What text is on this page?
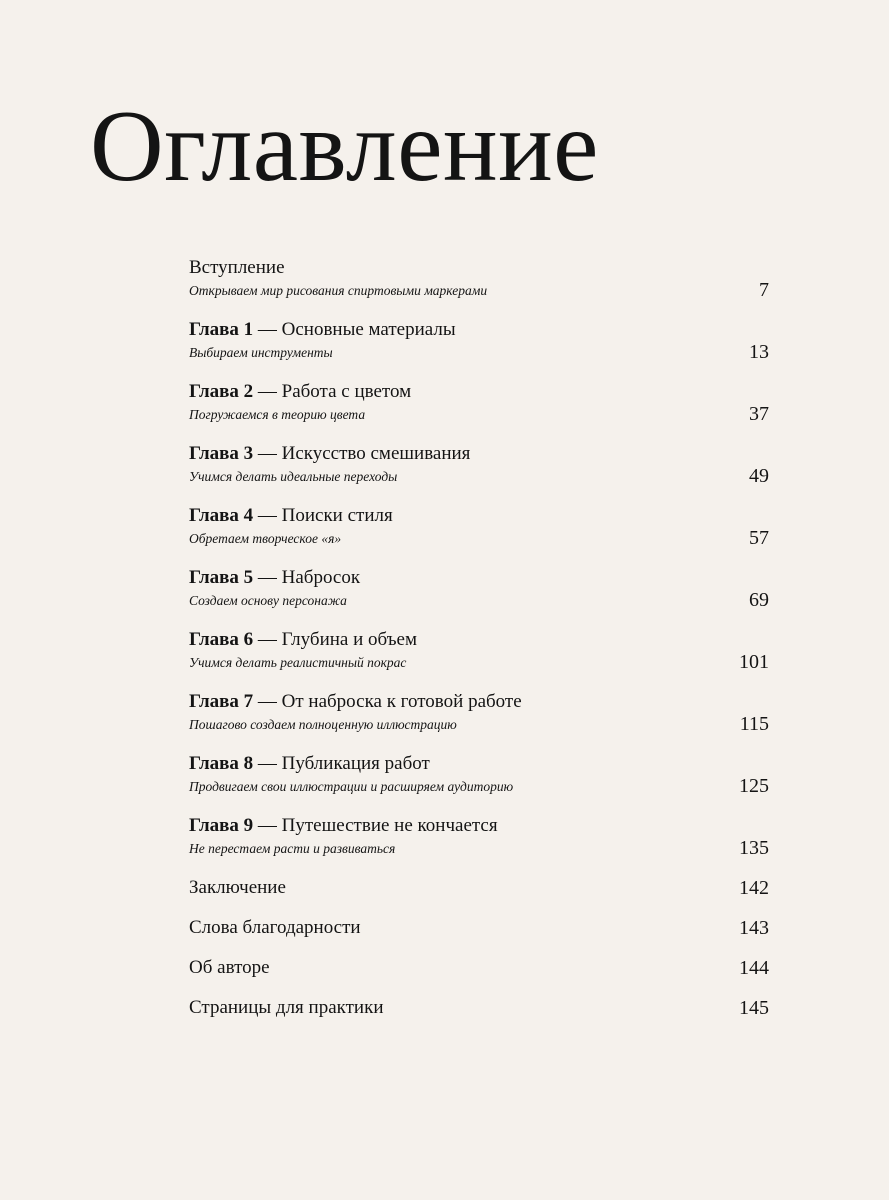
Оглавление
Вступление
Открываем мир рисования спиртовыми маркерами	7
Глава 1 — Основные материалы
Выбираем инструменты	13
Глава 2 — Работа с цветом
Погружаемся в теорию цвета	37
Глава 3 — Искусство смешивания
Учимся делать идеальные переходы	49
Глава 4 — Поиски стиля
Обретаем творческое «я»	57
Глава 5 — Набросок
Создаем основу персонажа	69
Глава 6 — Глубина и объем
Учимся делать реалистичный покрас	101
Глава 7 — От наброска к готовой работе
Пошагово создаем полноценную иллюстрацию	115
Глава 8 — Публикация работ
Продвигаем свои иллюстрации и расширяем аудиторию	125
Глава 9 — Путешествие не кончается
Не перестаем расти и развиваться	135
Заключение	142
Слова благодарности	143
Об авторе	144
Страницы для практики	145
